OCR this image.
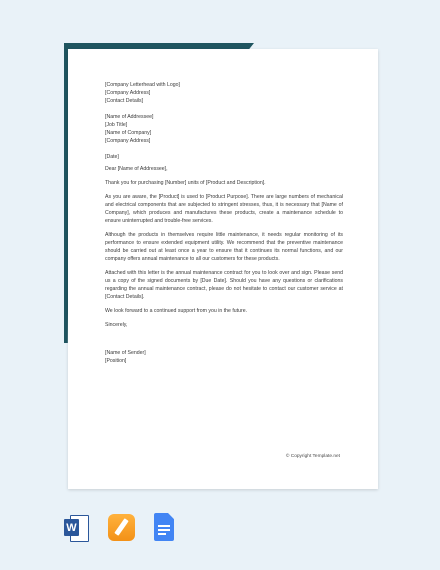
[Company Letterhead with Logo]
[Company Address]
[Contact Details]
[Name of Addressee]
[Job Title]
[Name of Company]
[Company Address]
[Date]

Dear [Name of Addressee],

Thank you for purchasing [Number] units of [Product and Description].

As you are aware, the [Product] is used to [Product Purpose]. There are large numbers of mechanical and electrical components that are subjected to stringent stresses, thus, it is necessary that [Name of Company], which produces and manufactures these products, create a maintenance schedule to ensure uninterrupted and trouble-free services.

Although the products in themselves require little maintenance, it needs regular monitoring of its performance to ensure extended equipment utility. We recommend that the preventive maintenance should be carried out at least once a year to ensure that it continues its normal functions, and our company offers annual maintenance to all our customers for these products.

Attached with this letter is the annual maintenance contract for you to look over and sign. Please send us a copy of the signed documents by [Due Date]. Should you have any questions or clarifications regarding the annual maintenance contract, please do not hesitate to contact our customer service at [Contact Details].

We look forward to a continued support from you in the future.

Sincerely,

[Name of Sender]
[Position]
© Copyright Template.net
W
